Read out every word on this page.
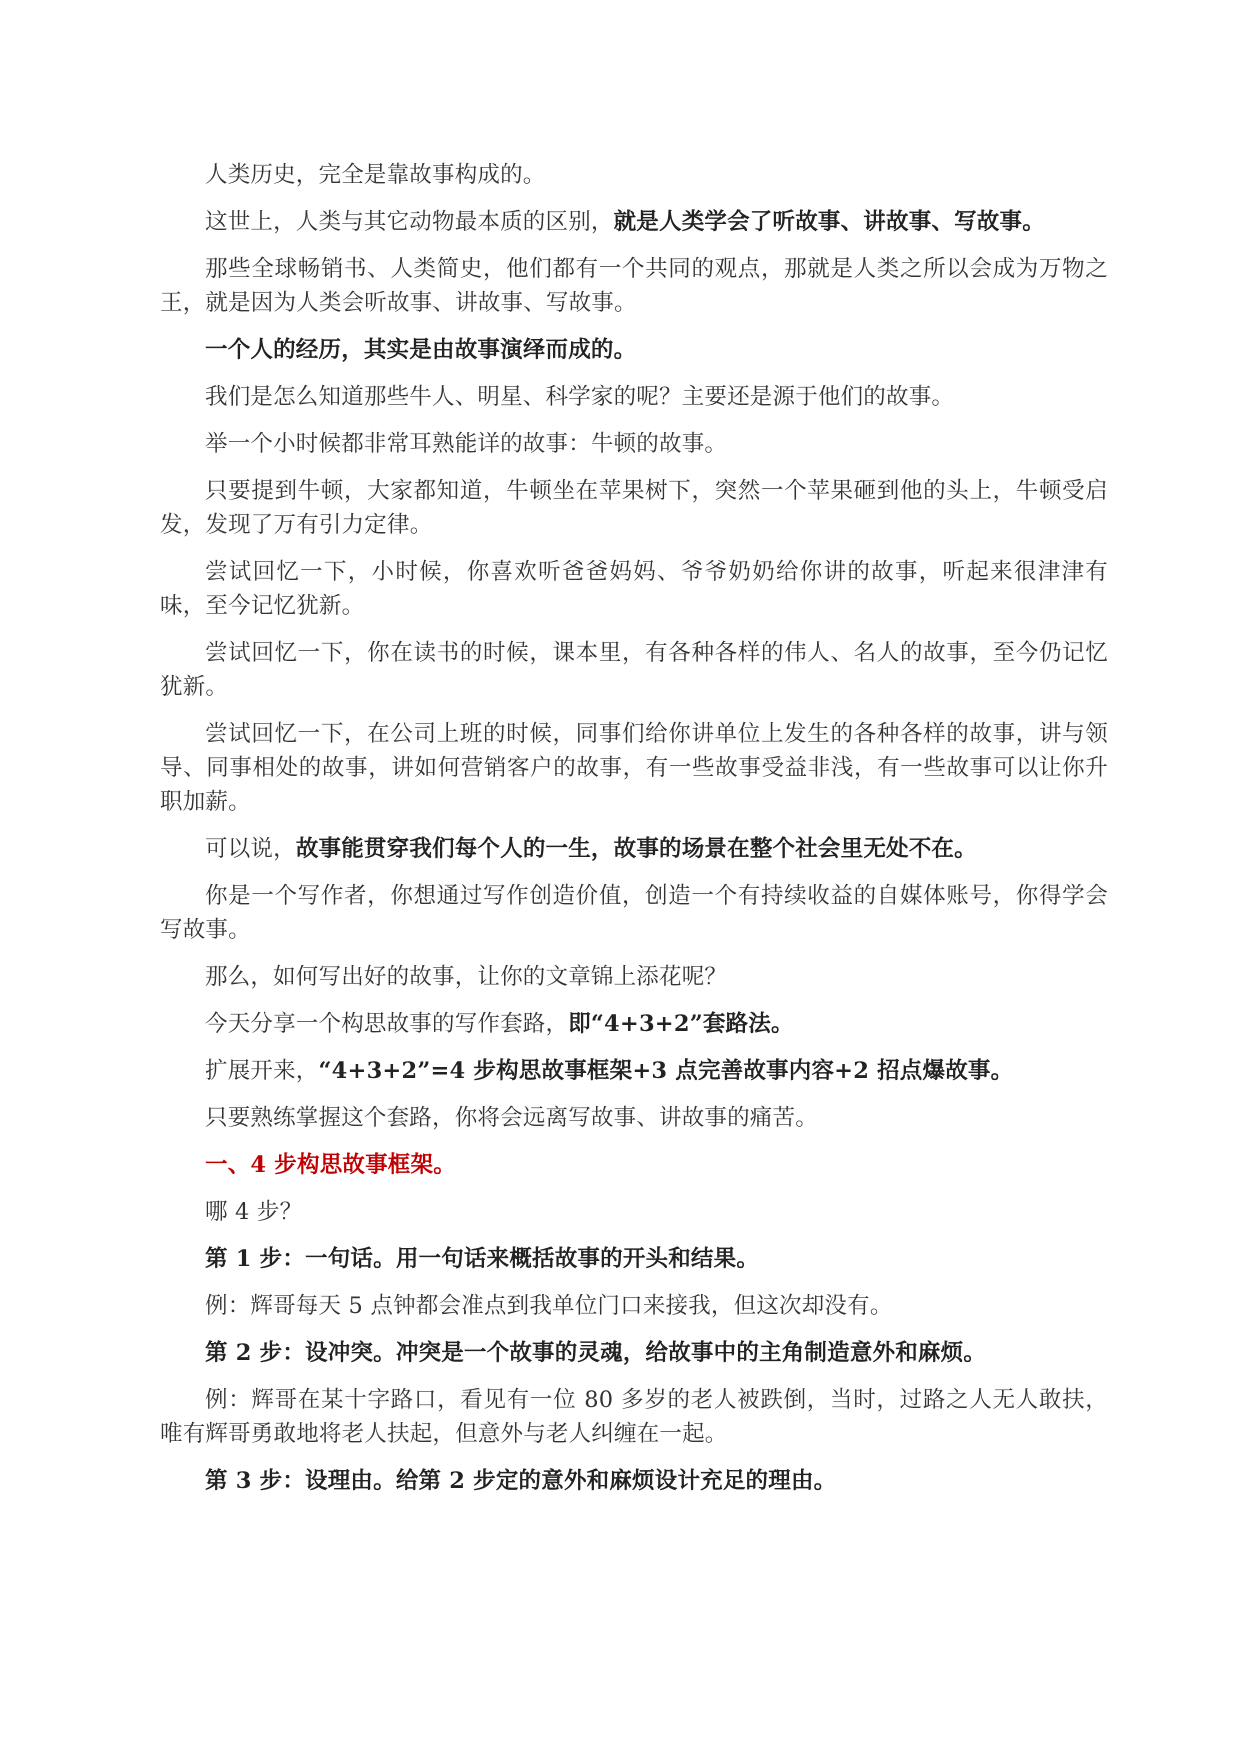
人类历史，完全是靠故事构成的。

这世上，人类与其它动物最本质的区别，就是人类学会了听故事、讲故事、写故事。

那些全球畅销书、人类简史，他们都有一个共同的观点，那就是人类之所以会成为万物之王，就是因为人类会听故事、讲故事、写故事。

一个人的经历，其实是由故事演绎而成的。

我们是怎么知道那些牛人、明星、科学家的呢？主要还是源于他们的故事。

举一个小时候都非常耳熟能详的故事：牛顿的故事。

只要提到牛顿，大家都知道，牛顿坐在苹果树下，突然一个苹果砸到他的头上，牛顿受启发，发现了万有引力定律。

尝试回忆一下，小时候，你喜欢听爸爸妈妈、爷爷奶奶给你讲的故事，听起来很津津有味，至今记忆犹新。

尝试回忆一下，你在读书的时候，课本里，有各种各样的伟人、名人的故事，至今仍记忆犹新。

尝试回忆一下，在公司上班的时候，同事们给你讲单位上发生的各种各样的故事，讲与领导、同事相处的故事，讲如何营销客户的故事，有一些故事受益非浅，有一些故事可以让你升职加薪。

可以说，故事能贯穿我们每个人的一生，故事的场景在整个社会里无处不在。

你是一个写作者，你想通过写作创造价值，创造一个有持续收益的自媒体账号，你得学会写故事。

那么，如何写出好的故事，让你的文章锦上添花呢？

今天分享一个构思故事的写作套路，即“4+3+2”套路法。

扩展开来，“4+3+2”=4 步构思故事框架+3 点完善故事内容+2 招点爆故事。

只要熟练掌握这个套路，你将会远离写故事、讲故事的痛苦。

一、4 步构思故事框架。

哪 4 步？

第 1 步：一句话。用一句话来概括故事的开头和结果。

例：辉哥每天 5 点钟都会准点到我单位门口来接我，但这次却没有。

第 2 步：设冲突。冲突是一个故事的灵魂，给故事中的主角制造意外和麻烦。

例：辉哥在某十字路口，看见有一位 80 多岁的老人被跌倒，当时，过路之人无人敢扶，唯有辉哥勇敢地将老人扶起，但意外与老人纠缠在一起。

第 3 步：设理由。给第 2 步定的意外和麻烦设计充足的理由。
